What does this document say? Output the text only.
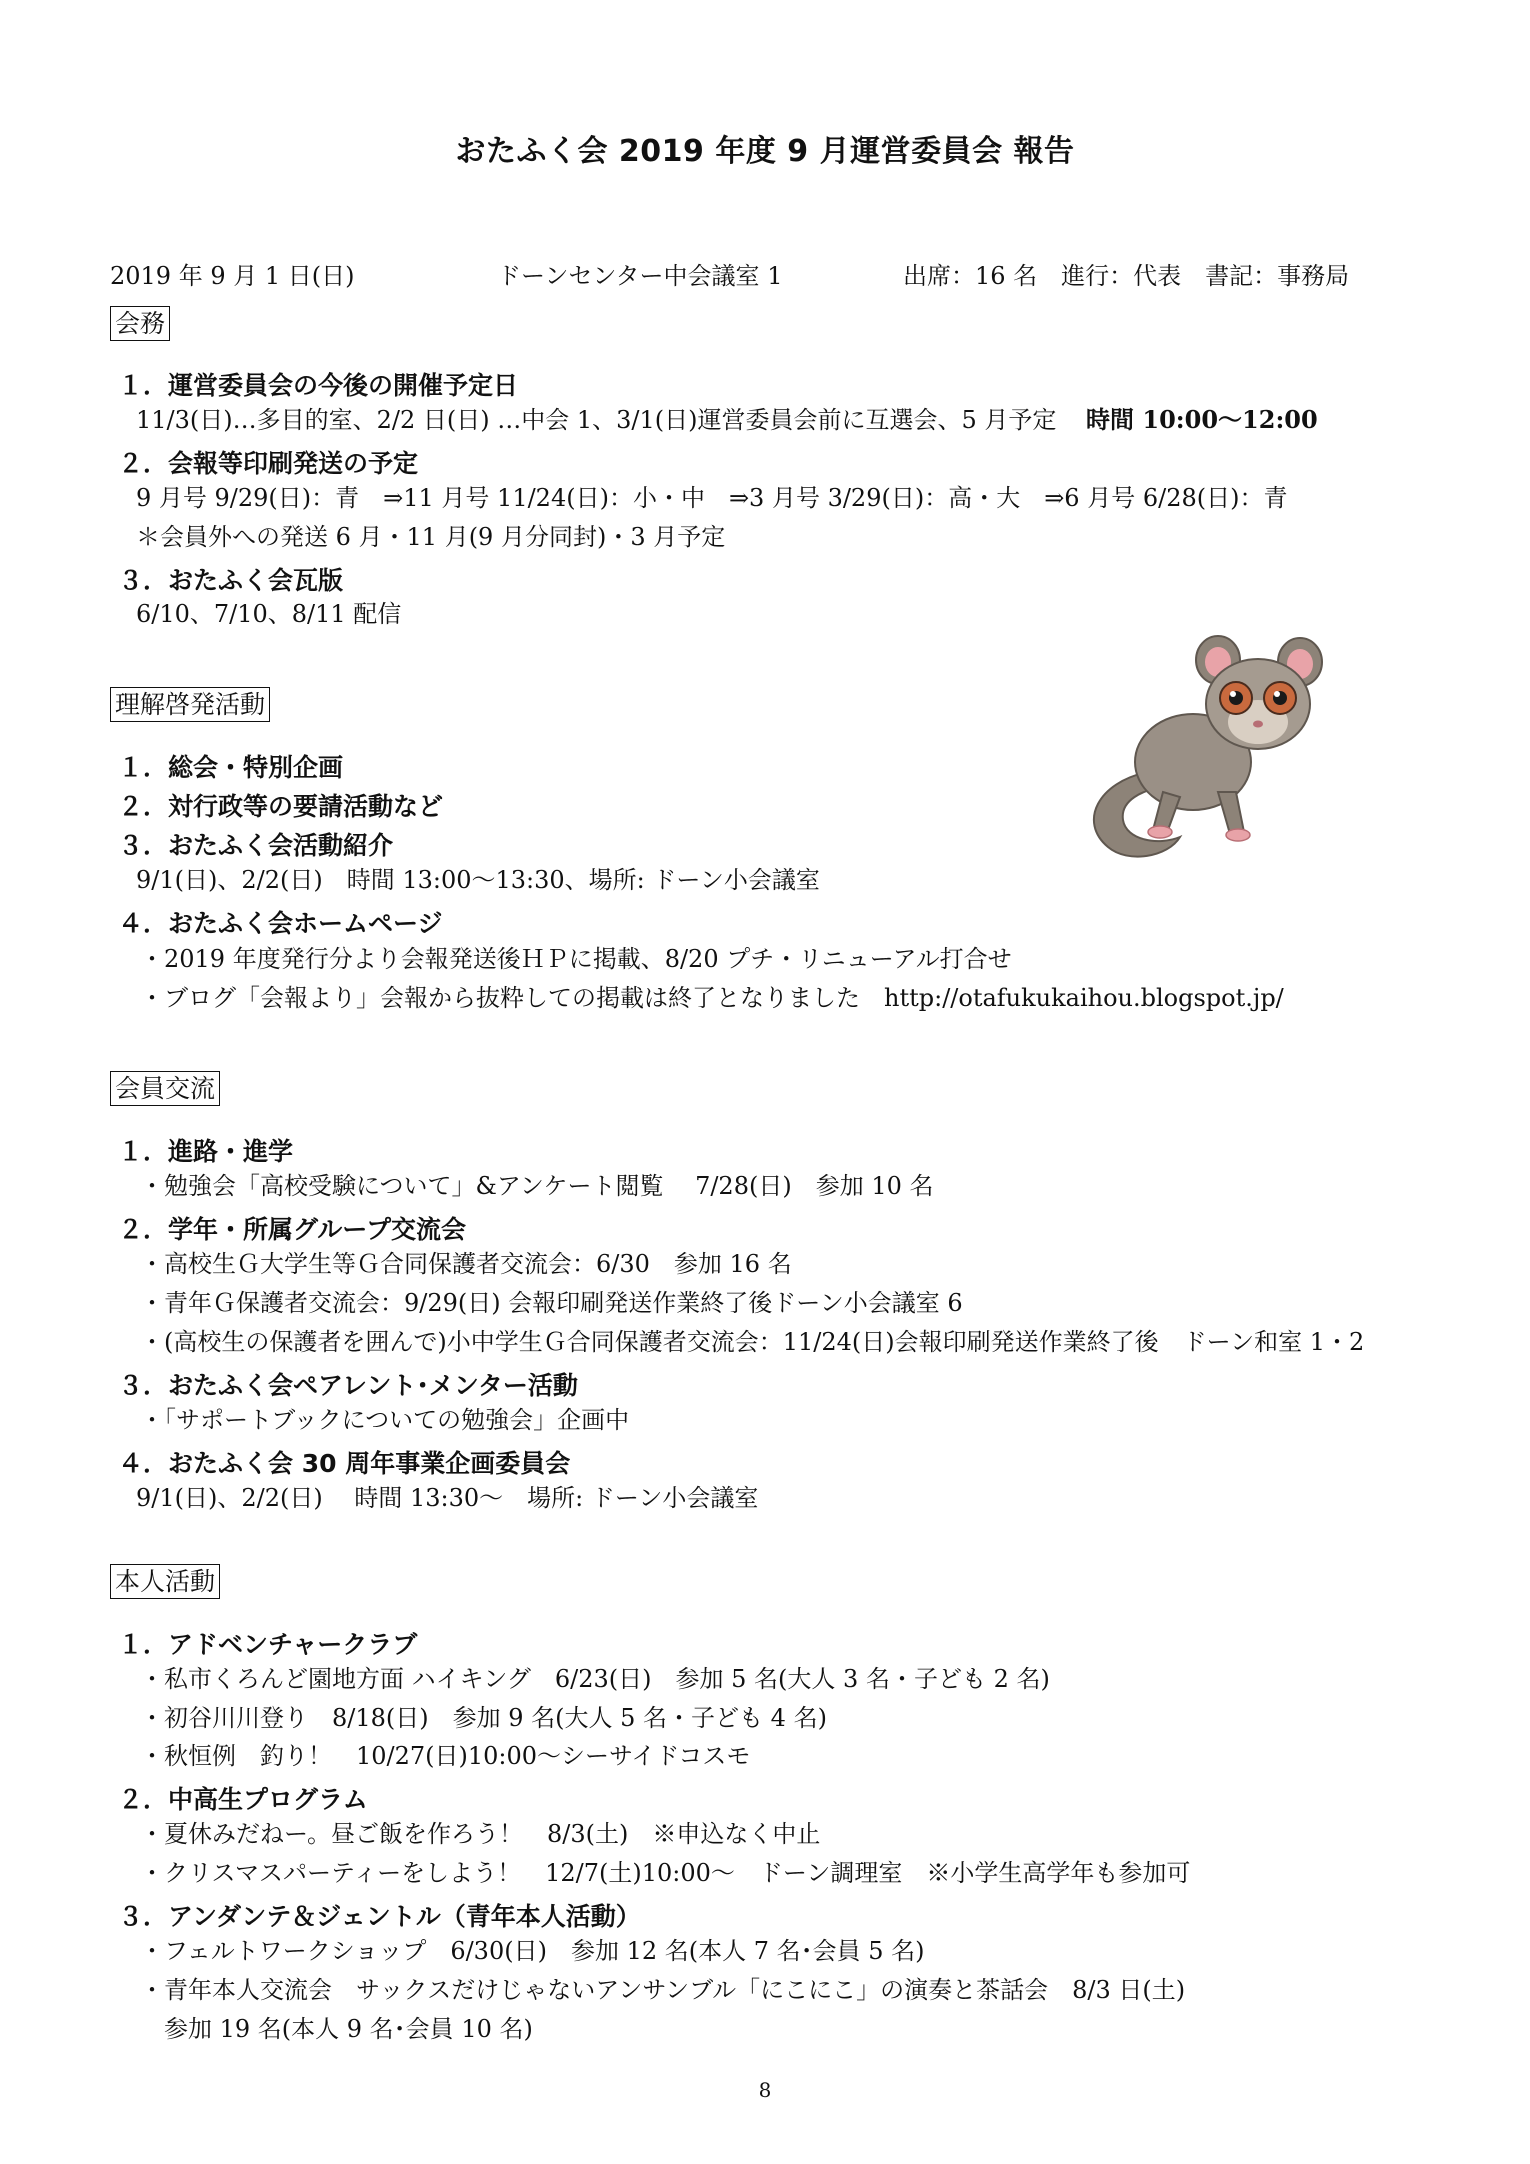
おたふく会 2019 年度 9 月運営委員会 報告
2019 年 9 月 1 日(日)	ドーンセンター中会議室 1	出席：16 名　進行：代表　書記：事務局
会務
１．運営委員会の今後の開催予定日
11/3(日)…多目的室、2/2 日(日) …中会 1、3/1(日)運営委員会前に互選会、5 月予定 時間 10:00〜12:00
２．会報等印刷発送の予定
9 月号 9/29(日)：青　⇒11 月号 11/24(日)：小・中　⇒3 月号 3/29(日)：高・大　⇒6 月号 6/28(日)：青
＊会員外への発送 6 月・11 月(9 月分同封)・3 月予定
３．おたふく会瓦版
6/10、7/10、8/11 配信
理解啓発活動
１．総会・特別企画
２．対行政等の要請活動など
３．おたふく会活動紹介
9/1(日)、2/2(日)　時間 13:00〜13:30、場所: ドーン小会議室
４．おたふく会ホームページ
・2019 年度発行分より会報発送後ＨＰに掲載、8/20 プチ・リニューアル打合せ
・ブログ「会報より」会報から抜粋しての掲載は終了となりました　http://otafukukaihou.blogspot.jp/
会員交流
１．進路・進学
・勉強会「高校受験について」&アンケート閲覧　 7/28(日)　参加 10 名
２．学年・所属グループ交流会
・高校生Ｇ大学生等Ｇ合同保護者交流会：6/30　参加 16 名
・青年Ｇ保護者交流会：9/29(日) 会報印刷発送作業終了後ドーン小会議室 6
・(高校生の保護者を囲んで)小中学生Ｇ合同保護者交流会：11/24(日)会報印刷発送作業終了後　ドーン和室 1・2
３．おたふく会ペアレント･メンター活動
・「サポートブックについての勉強会」企画中
４．おたふく会 30 周年事業企画委員会
9/1(日)、2/2(日)　 時間 13:30〜　場所: ドーン小会議室
本人活動
１．アドベンチャークラブ
・私市くろんど園地方面 ハイキング　6/23(日)　参加 5 名(大人 3 名・子ども 2 名)
・初谷川川登り　8/18(日)　参加 9 名(大人 5 名・子ども 4 名)
・秋恒例　釣り！　10/27(日)10:00〜シーサイドコスモ
２．中高生プログラム
・夏休みだねー。昼ご飯を作ろう！　8/3(土)　※申込なく中止
・クリスマスパーティーをしよう！　12/7(土)10:00〜　ドーン調理室　※小学生高学年も参加可
３．アンダンテ＆ジェントル（青年本人活動）
・フェルトワークショップ　6/30(日)　参加 12 名(本人 7 名･会員 5 名)
・青年本人交流会　サックスだけじゃないアンサンブル「にこにこ」の演奏と茶話会　8/3 日(土)
参加 19 名(本人 9 名･会員 10 名)
8
